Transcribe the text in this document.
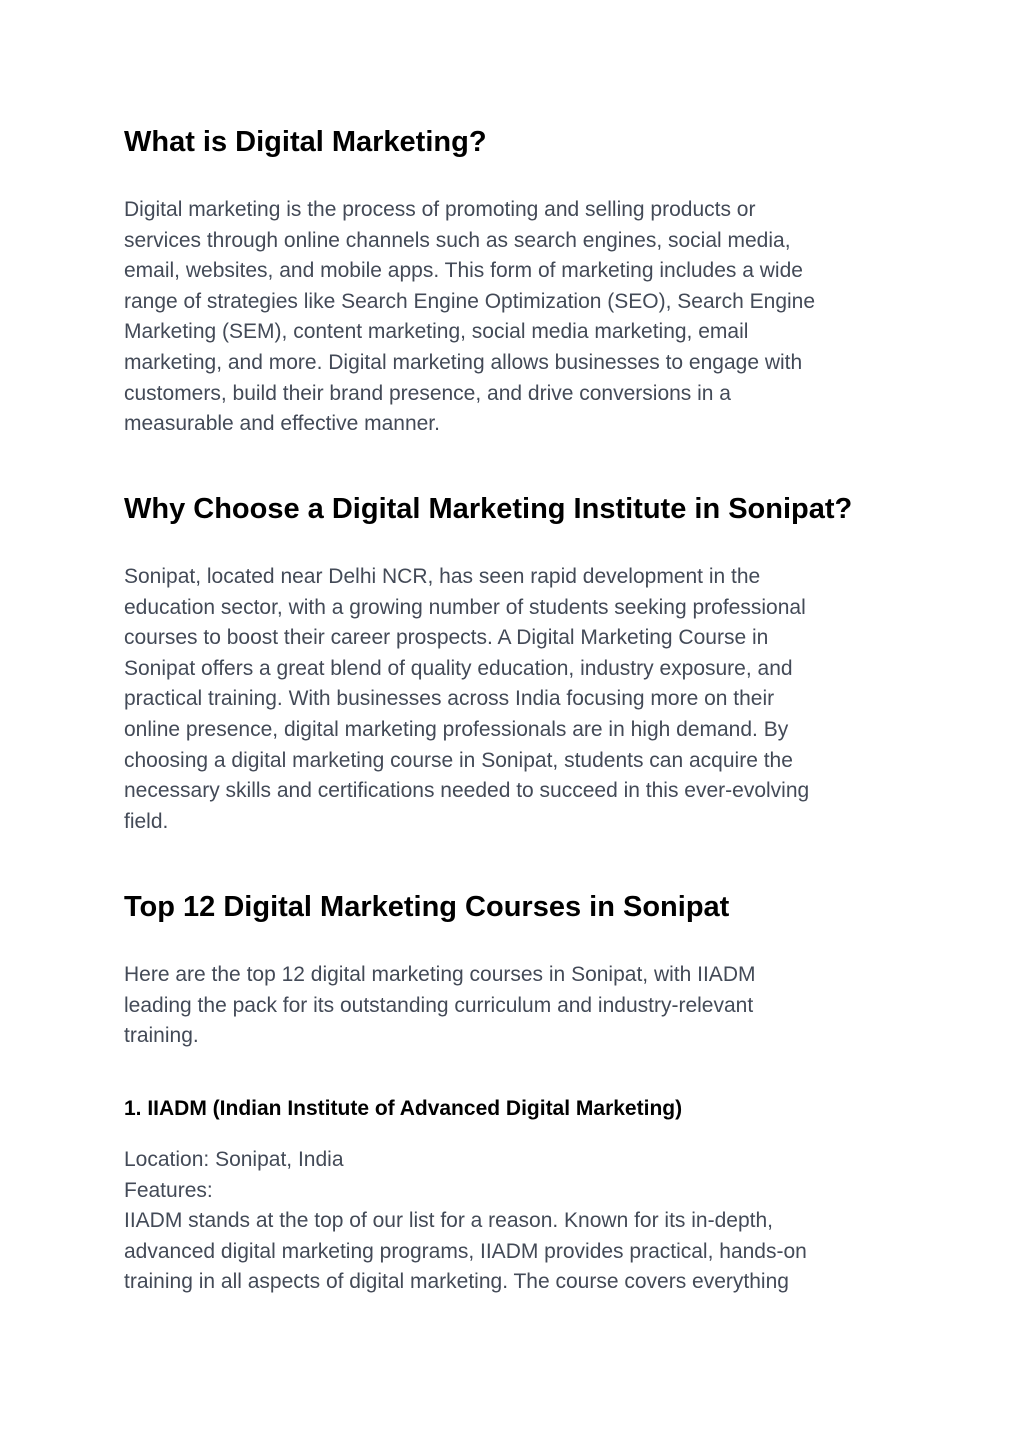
What is Digital Marketing?

Digital marketing is the process of promoting and selling products or
services through online channels such as search engines, social media,
email, websites, and mobile apps. This form of marketing includes a wide
range of strategies like Search Engine Optimization (SEO), Search Engine
Marketing (SEM), content marketing, social media marketing, email
marketing, and more. Digital marketing allows businesses to engage with
customers, build their brand presence, and drive conversions in a
measurable and effective manner.

Why Choose a Digital Marketing Institute in Sonipat?

Sonipat, located near Delhi NCR, has seen rapid development in the
education sector, with a growing number of students seeking professional
courses to boost their career prospects. A Digital Marketing Course in
Sonipat offers a great blend of quality education, industry exposure, and
practical training. With businesses across India focusing more on their
online presence, digital marketing professionals are in high demand. By
choosing a digital marketing course in Sonipat, students can acquire the
necessary skills and certifications needed to succeed in this ever-evolving
field.

Top 12 Digital Marketing Courses in Sonipat

Here are the top 12 digital marketing courses in Sonipat, with IIADM
leading the pack for its outstanding curriculum and industry-relevant
training.

1. IIADM (Indian Institute of Advanced Digital Marketing)

Location: Sonipat, India
Features:
IIADM stands at the top of our list for a reason. Known for its in-depth,
advanced digital marketing programs, IIADM provides practical, hands-on
training in all aspects of digital marketing. The course covers everything
